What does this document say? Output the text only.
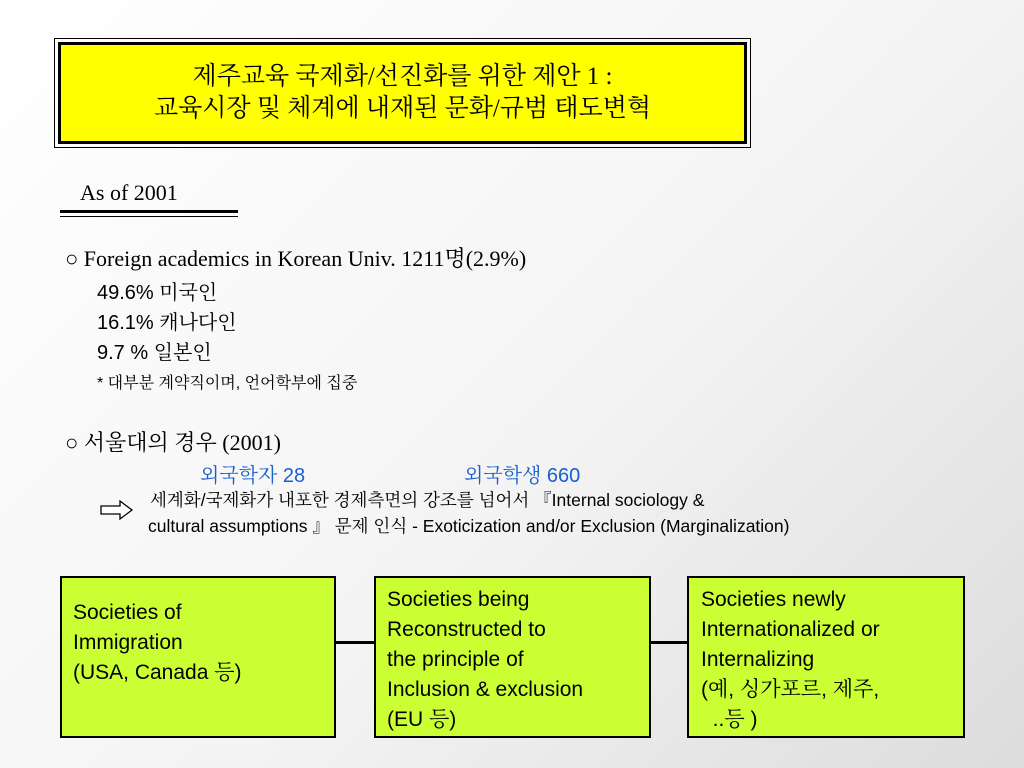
제주교육 국제화/선진화를 위한 제안 1 :
교육시장 및 체계에 내재된 문화/규범 태도변혁
As of 2001
○ Foreign academics in Korean Univ. 1211명(2.9%)
49.6% 미국인
16.1% 캐나다인
9.7 % 일본인
* 대부분 계약직이며, 언어학부에 집중
○ 서울대의 경우 (2001)
외국학자 28	외국학생 660
세계화/국제화가 내포한 경제측면의 강조를 넘어서 『Internal sociology &
cultural assumptions 』 문제 인식 - Exoticization and/or Exclusion (Marginalization)
Societies of
Immigration
(USA, Canada 등)
Societies being
Reconstructed to
the principle of
Inclusion & exclusion
(EU 등)
Societies newly
Internationalized or
Internalizing
(예, 싱가포르, 제주,
..등 )
